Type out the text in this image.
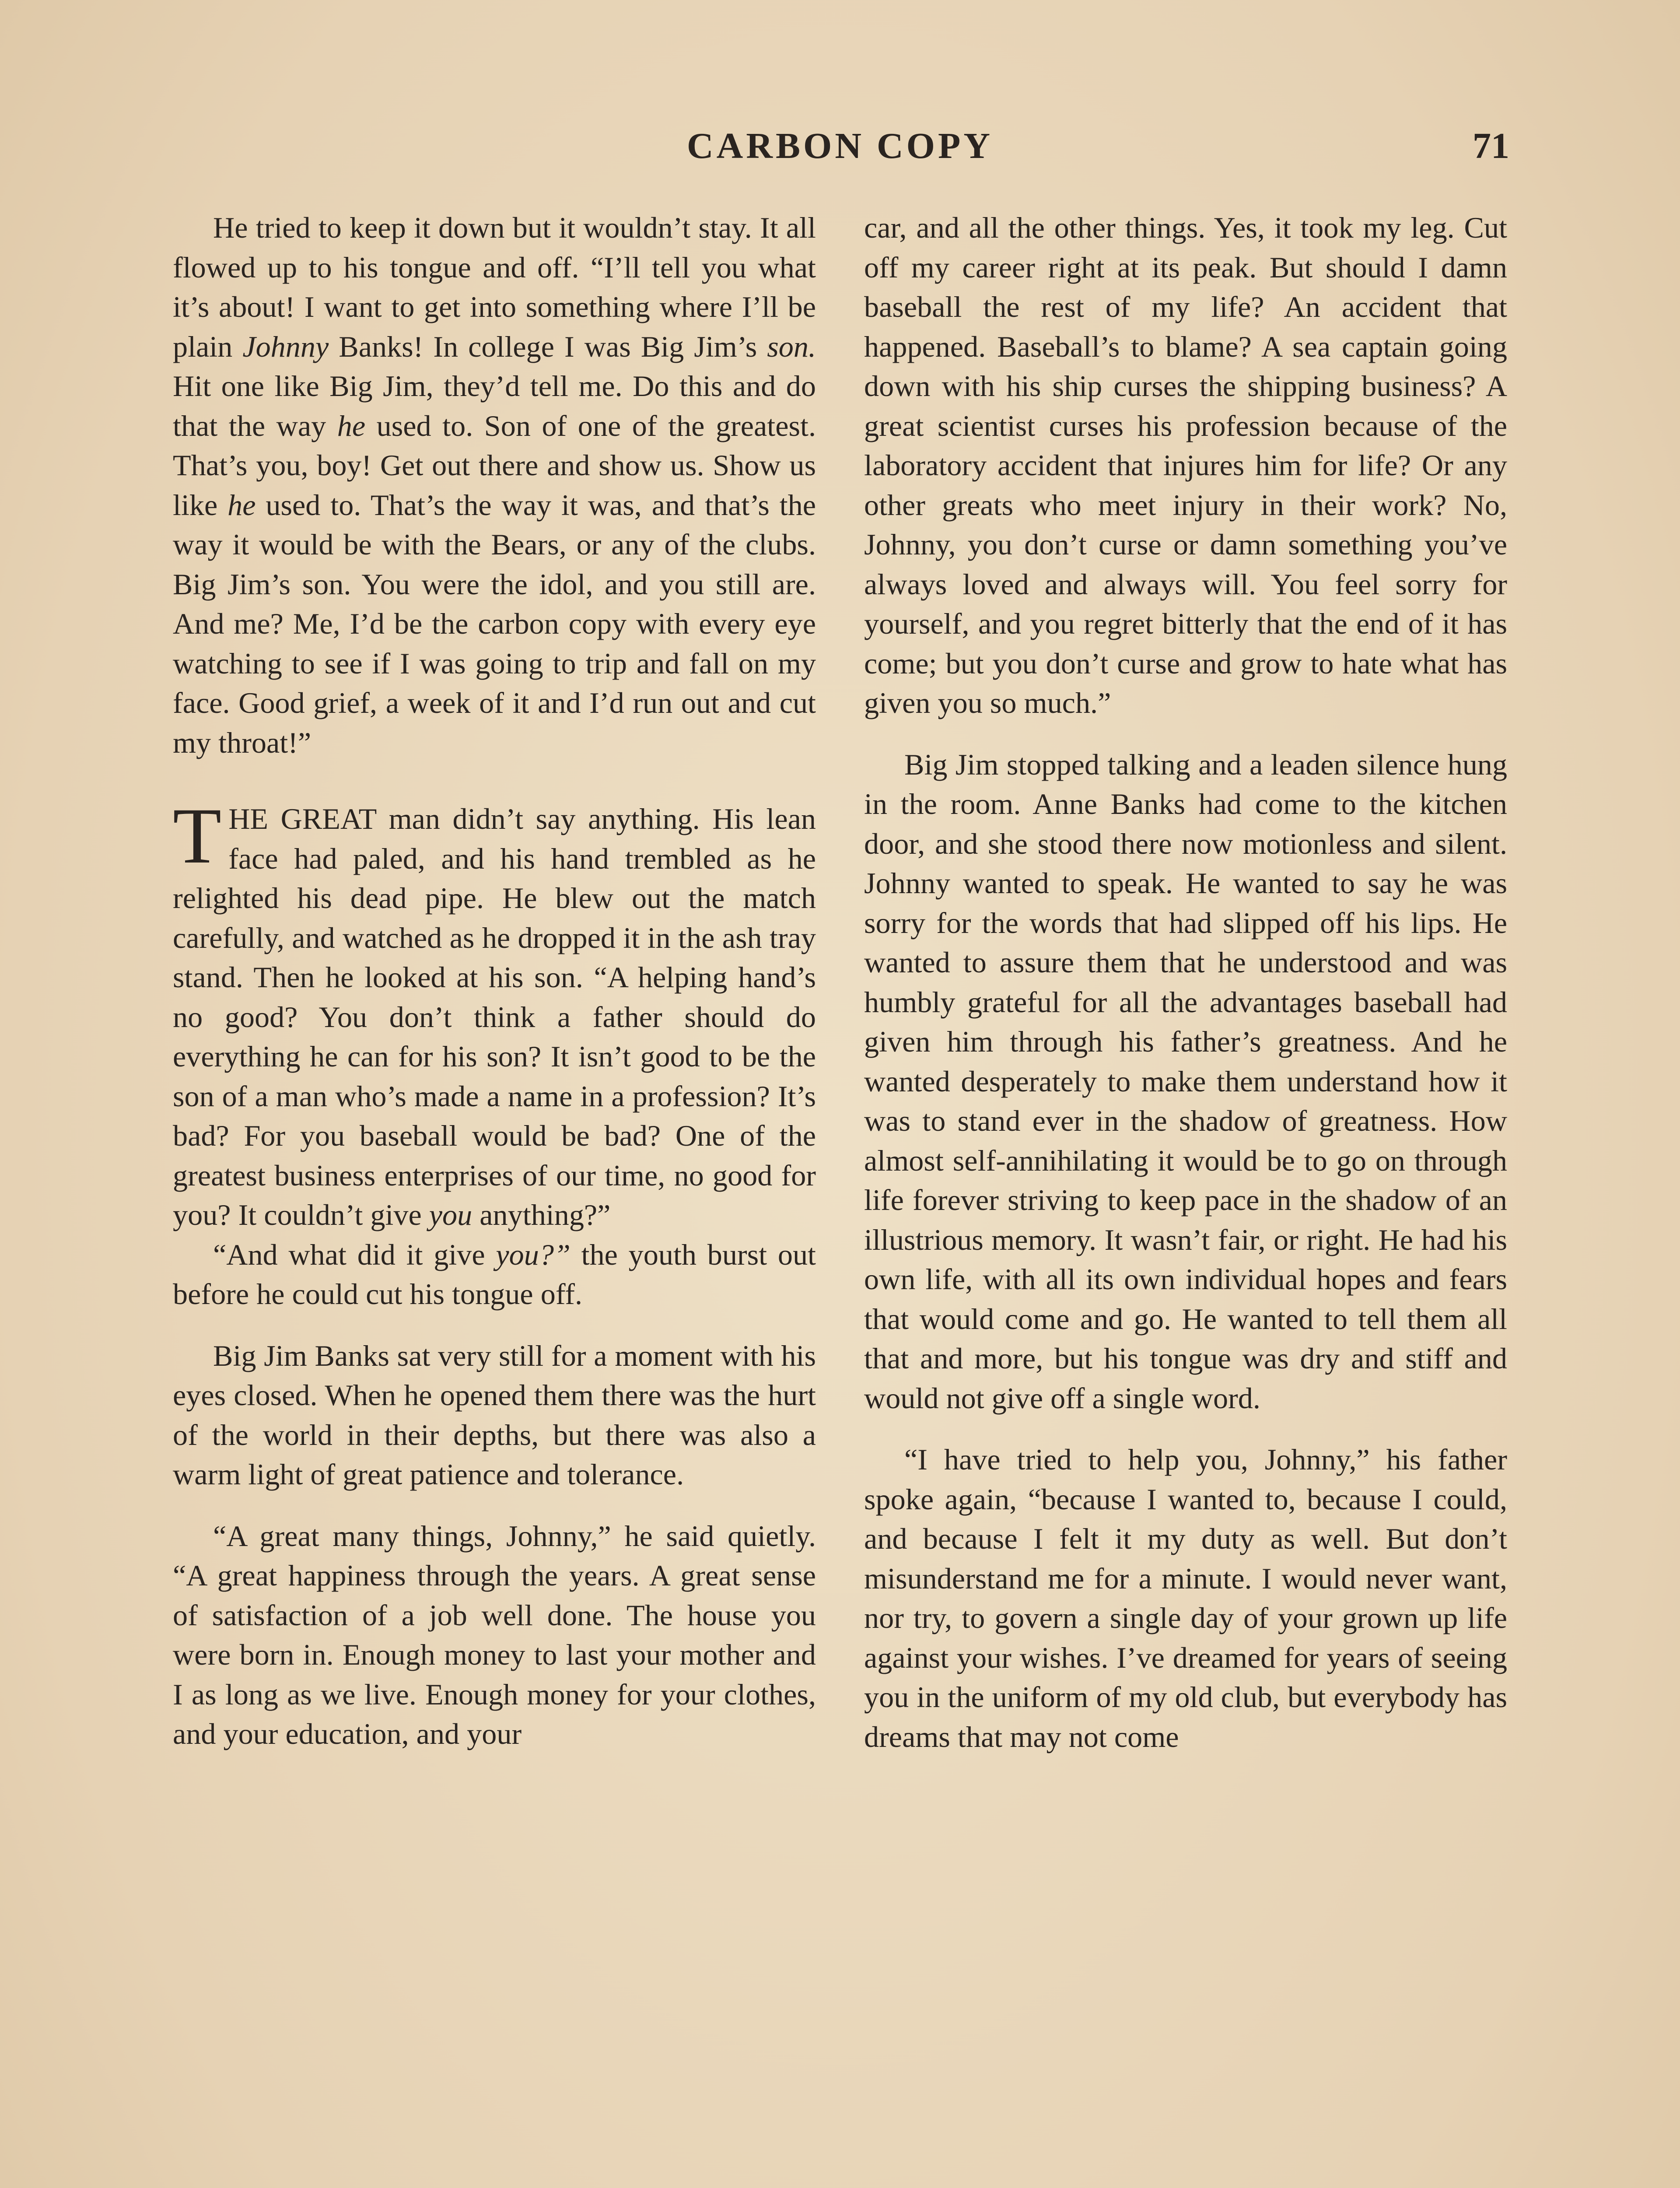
CARBON COPY	71

He tried to keep it down but it wouldn’t stay. It all flowed up to his tongue and off. “I’ll tell you what it’s about! I want to get into something where I’ll be plain Johnny Banks! In college I was Big Jim’s son. Hit one like Big Jim, they’d tell me. Do this and do that the way he used to. Son of one of the greatest. That’s you, boy! Get out there and show us. Show us like he used to. That’s the way it was, and that’s the way it would be with the Bears, or any of the clubs. Big Jim’s son. You were the idol, and you still are. And me? Me, I’d be the carbon copy with every eye watching to see if I was going to trip and fall on my face. Good grief, a week of it and I’d run out and cut my throat!”

THE GREAT man didn’t say anything. His lean face had paled, and his hand trembled as he relighted his dead pipe. He blew out the match carefully, and watched as he dropped it in the ash tray stand. Then he looked at his son. “A helping hand’s no good? You don’t think a father should do everything he can for his son? It isn’t good to be the son of a man who’s made a name in a profession? It’s bad? For you baseball would be bad? One of the greatest business enterprises of our time, no good for you? It couldn’t give you anything?”

“And what did it give you?” the youth burst out before he could cut his tongue off.

Big Jim Banks sat very still for a moment with his eyes closed. When he opened them there was the hurt of the world in their depths, but there was also a warm light of great patience and tolerance.

“A great many things, Johnny,” he said quietly. “A great happiness through the years. A great sense of satisfaction of a job well done. The house you were born in. Enough money to last your mother and I as long as we live. Enough money for your clothes, and your education, and your

car, and all the other things. Yes, it took my leg. Cut off my career right at its peak. But should I damn baseball the rest of my life? An accident that happened. Baseball’s to blame? A sea captain going down with his ship curses the shipping business? A great scientist curses his profession because of the laboratory accident that injures him for life? Or any other greats who meet injury in their work? No, Johnny, you don’t curse or damn something you’ve always loved and always will. You feel sorry for yourself, and you regret bitterly that the end of it has come; but you don’t curse and grow to hate what has given you so much.”

Big Jim stopped talking and a leaden silence hung in the room. Anne Banks had come to the kitchen door, and she stood there now motionless and silent. Johnny wanted to speak. He wanted to say he was sorry for the words that had slipped off his lips. He wanted to assure them that he understood and was humbly grateful for all the advantages baseball had given him through his father’s greatness. And he wanted desperately to make them understand how it was to stand ever in the shadow of greatness. How almost self-annihilating it would be to go on through life forever striving to keep pace in the shadow of an illustrious memory. It wasn’t fair, or right. He had his own life, with all its own individual hopes and fears that would come and go. He wanted to tell them all that and more, but his tongue was dry and stiff and would not give off a single word.

“I have tried to help you, Johnny,” his father spoke again, “because I wanted to, because I could, and because I felt it my duty as well. But don’t misunderstand me for a minute. I would never want, nor try, to govern a single day of your grown up life against your wishes. I’ve dreamed for years of seeing you in the uniform of my old club, but everybody has dreams that may not come
